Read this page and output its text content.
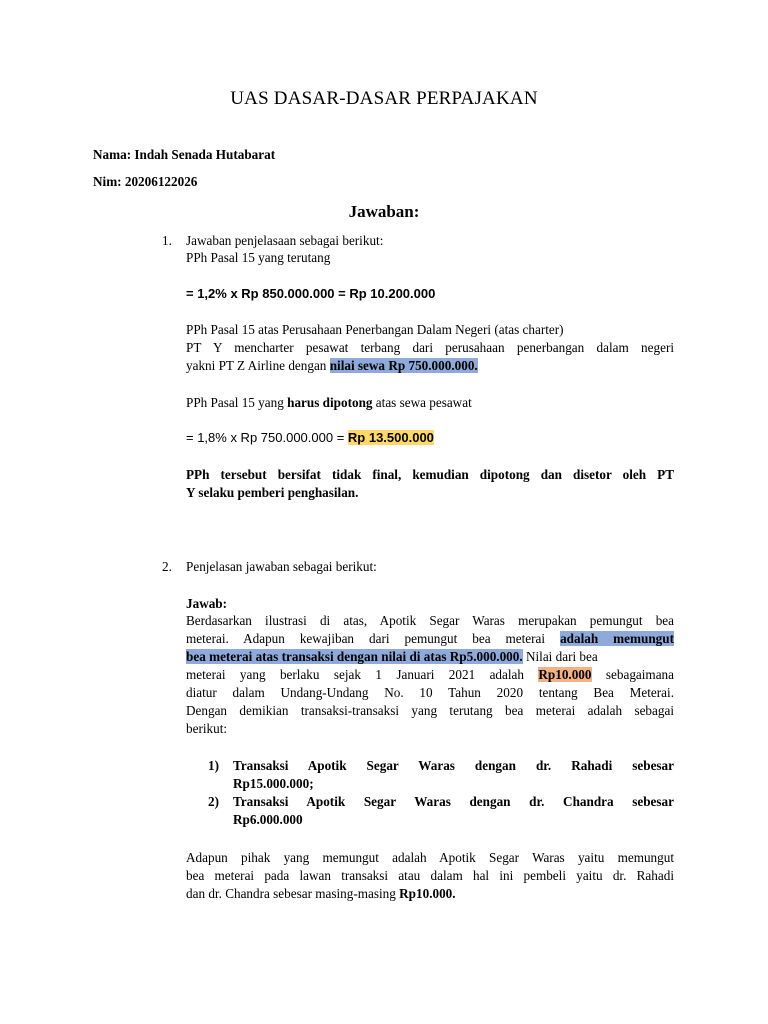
UAS DASAR-DASAR PERPAJAKAN
Nama: Indah Senada Hutabarat
Nim: 20206122026
Jawaban:
1. Jawaban penjelasaan sebagai berikut:
PPh Pasal 15 yang terutang
= 1,2% x Rp 850.000.000 = Rp 10.200.000
PPh Pasal 15 atas Perusahaan Penerbangan Dalam Negeri (atas charter)
PT Y mencharter pesawat terbang dari perusahaan penerbangan dalam negeri
yakni PT Z Airline dengan nilai sewa Rp 750.000.000.
PPh Pasal 15 yang harus dipotong atas sewa pesawat
= 1,8% x Rp 750.000.000 = Rp 13.500.000
PPh tersebut bersifat tidak final, kemudian dipotong dan disetor oleh PT
Y selaku pemberi penghasilan.
2. Penjelasan jawaban sebagai berikut:
Jawab:
Berdasarkan ilustrasi di atas, Apotik Segar Waras merupakan pemungut bea
meterai. Adapun kewajiban dari pemungut bea meterai adalah memungut
bea meterai atas transaksi dengan nilai di atas Rp5.000.000. Nilai dari bea
meterai yang berlaku sejak 1 Januari 2021 adalah Rp10.000 sebagaimana
diatur dalam Undang-Undang No. 10 Tahun 2020 tentang Bea Meterai.
Dengan demikian transaksi-transaksi yang terutang bea meterai adalah sebagai
berikut:
1) Transaksi Apotik Segar Waras dengan dr. Rahadi sebesar
Rp15.000.000;
2) Transaksi Apotik Segar Waras dengan dr. Chandra sebesar
Rp6.000.000
Adapun pihak yang memungut adalah Apotik Segar Waras yaitu memungut
bea meterai pada lawan transaksi atau dalam hal ini pembeli yaitu dr. Rahadi
dan dr. Chandra sebesar masing-masing Rp10.000.
